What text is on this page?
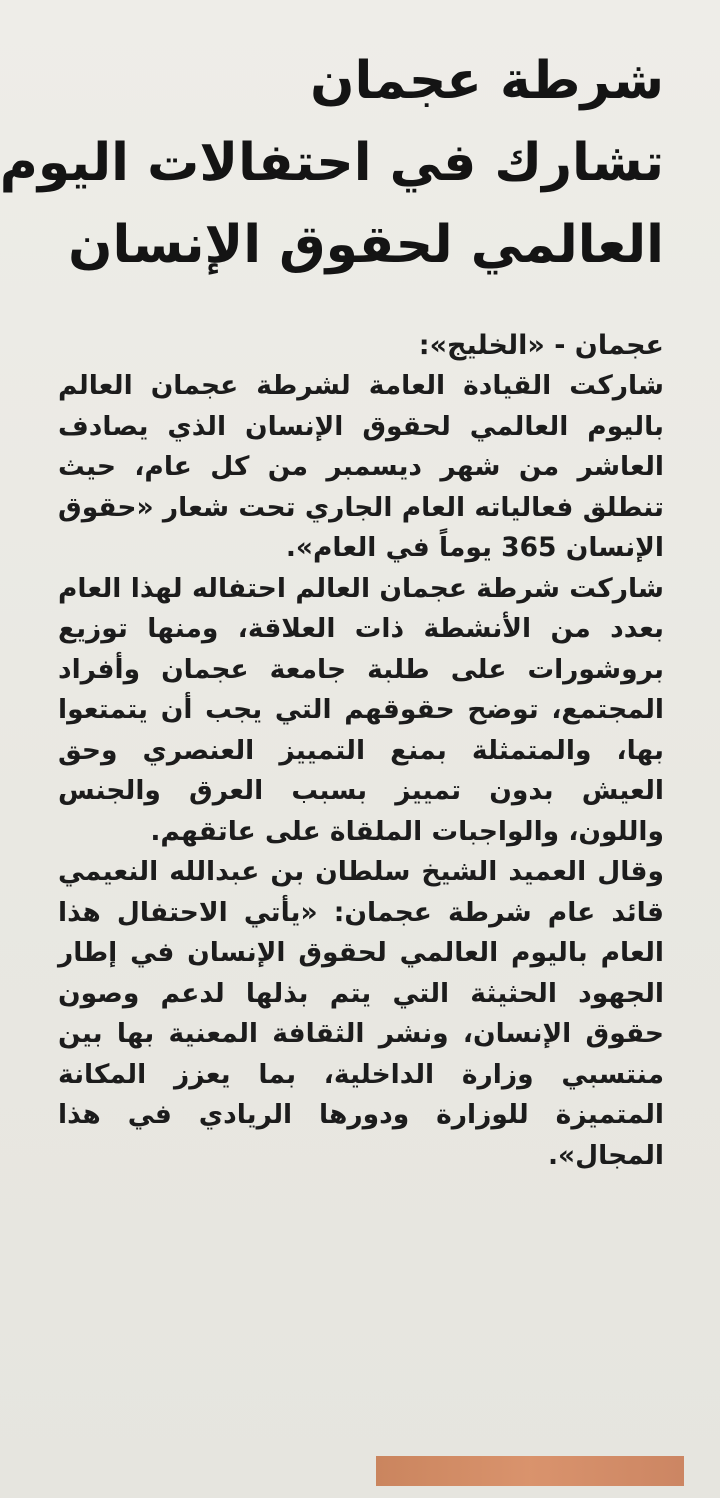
شرطة عجمان
تشارك في احتفالات اليوم
العالمي لحقوق الإنسان
عجمان - «الخليج»:

شاركت القيادة العامة لشرطة عجمان العالم باليوم العالمي لحقوق الإنسان الذي يصادف العاشر من شهر ديسمبر من كل عام، حيث تنطلق فعالياته العام الجاري تحت شعار «حقوق الإنسان 365 يوماً في العام».

شاركت شرطة عجمان العالم احتفاله لهذا العام بعدد من الأنشطة ذات العلاقة، ومنها توزيع بروشورات على طلبة جامعة عجمان وأفراد المجتمع، توضح حقوقهم التي يجب أن يتمتعوا بها، والمتمثلة بمنع التمييز العنصري وحق العيش بدون تمييز بسبب العرق والجنس واللون، والواجبات الملقاة على عاتقهم.

وقال العميد الشيخ سلطان بن عبدالله النعيمي قائد عام شرطة عجمان: «يأتي الاحتفال هذا العام باليوم العالمي لحقوق الإنسان في إطار الجهود الحثيثة التي يتم بذلها لدعم وصون حقوق الإنسان، ونشر الثقافة المعنية بها بين منتسبي وزارة الداخلية، بما يعزز المكانة المتميزة للوزارة ودورها الريادي في هذا المجال».
